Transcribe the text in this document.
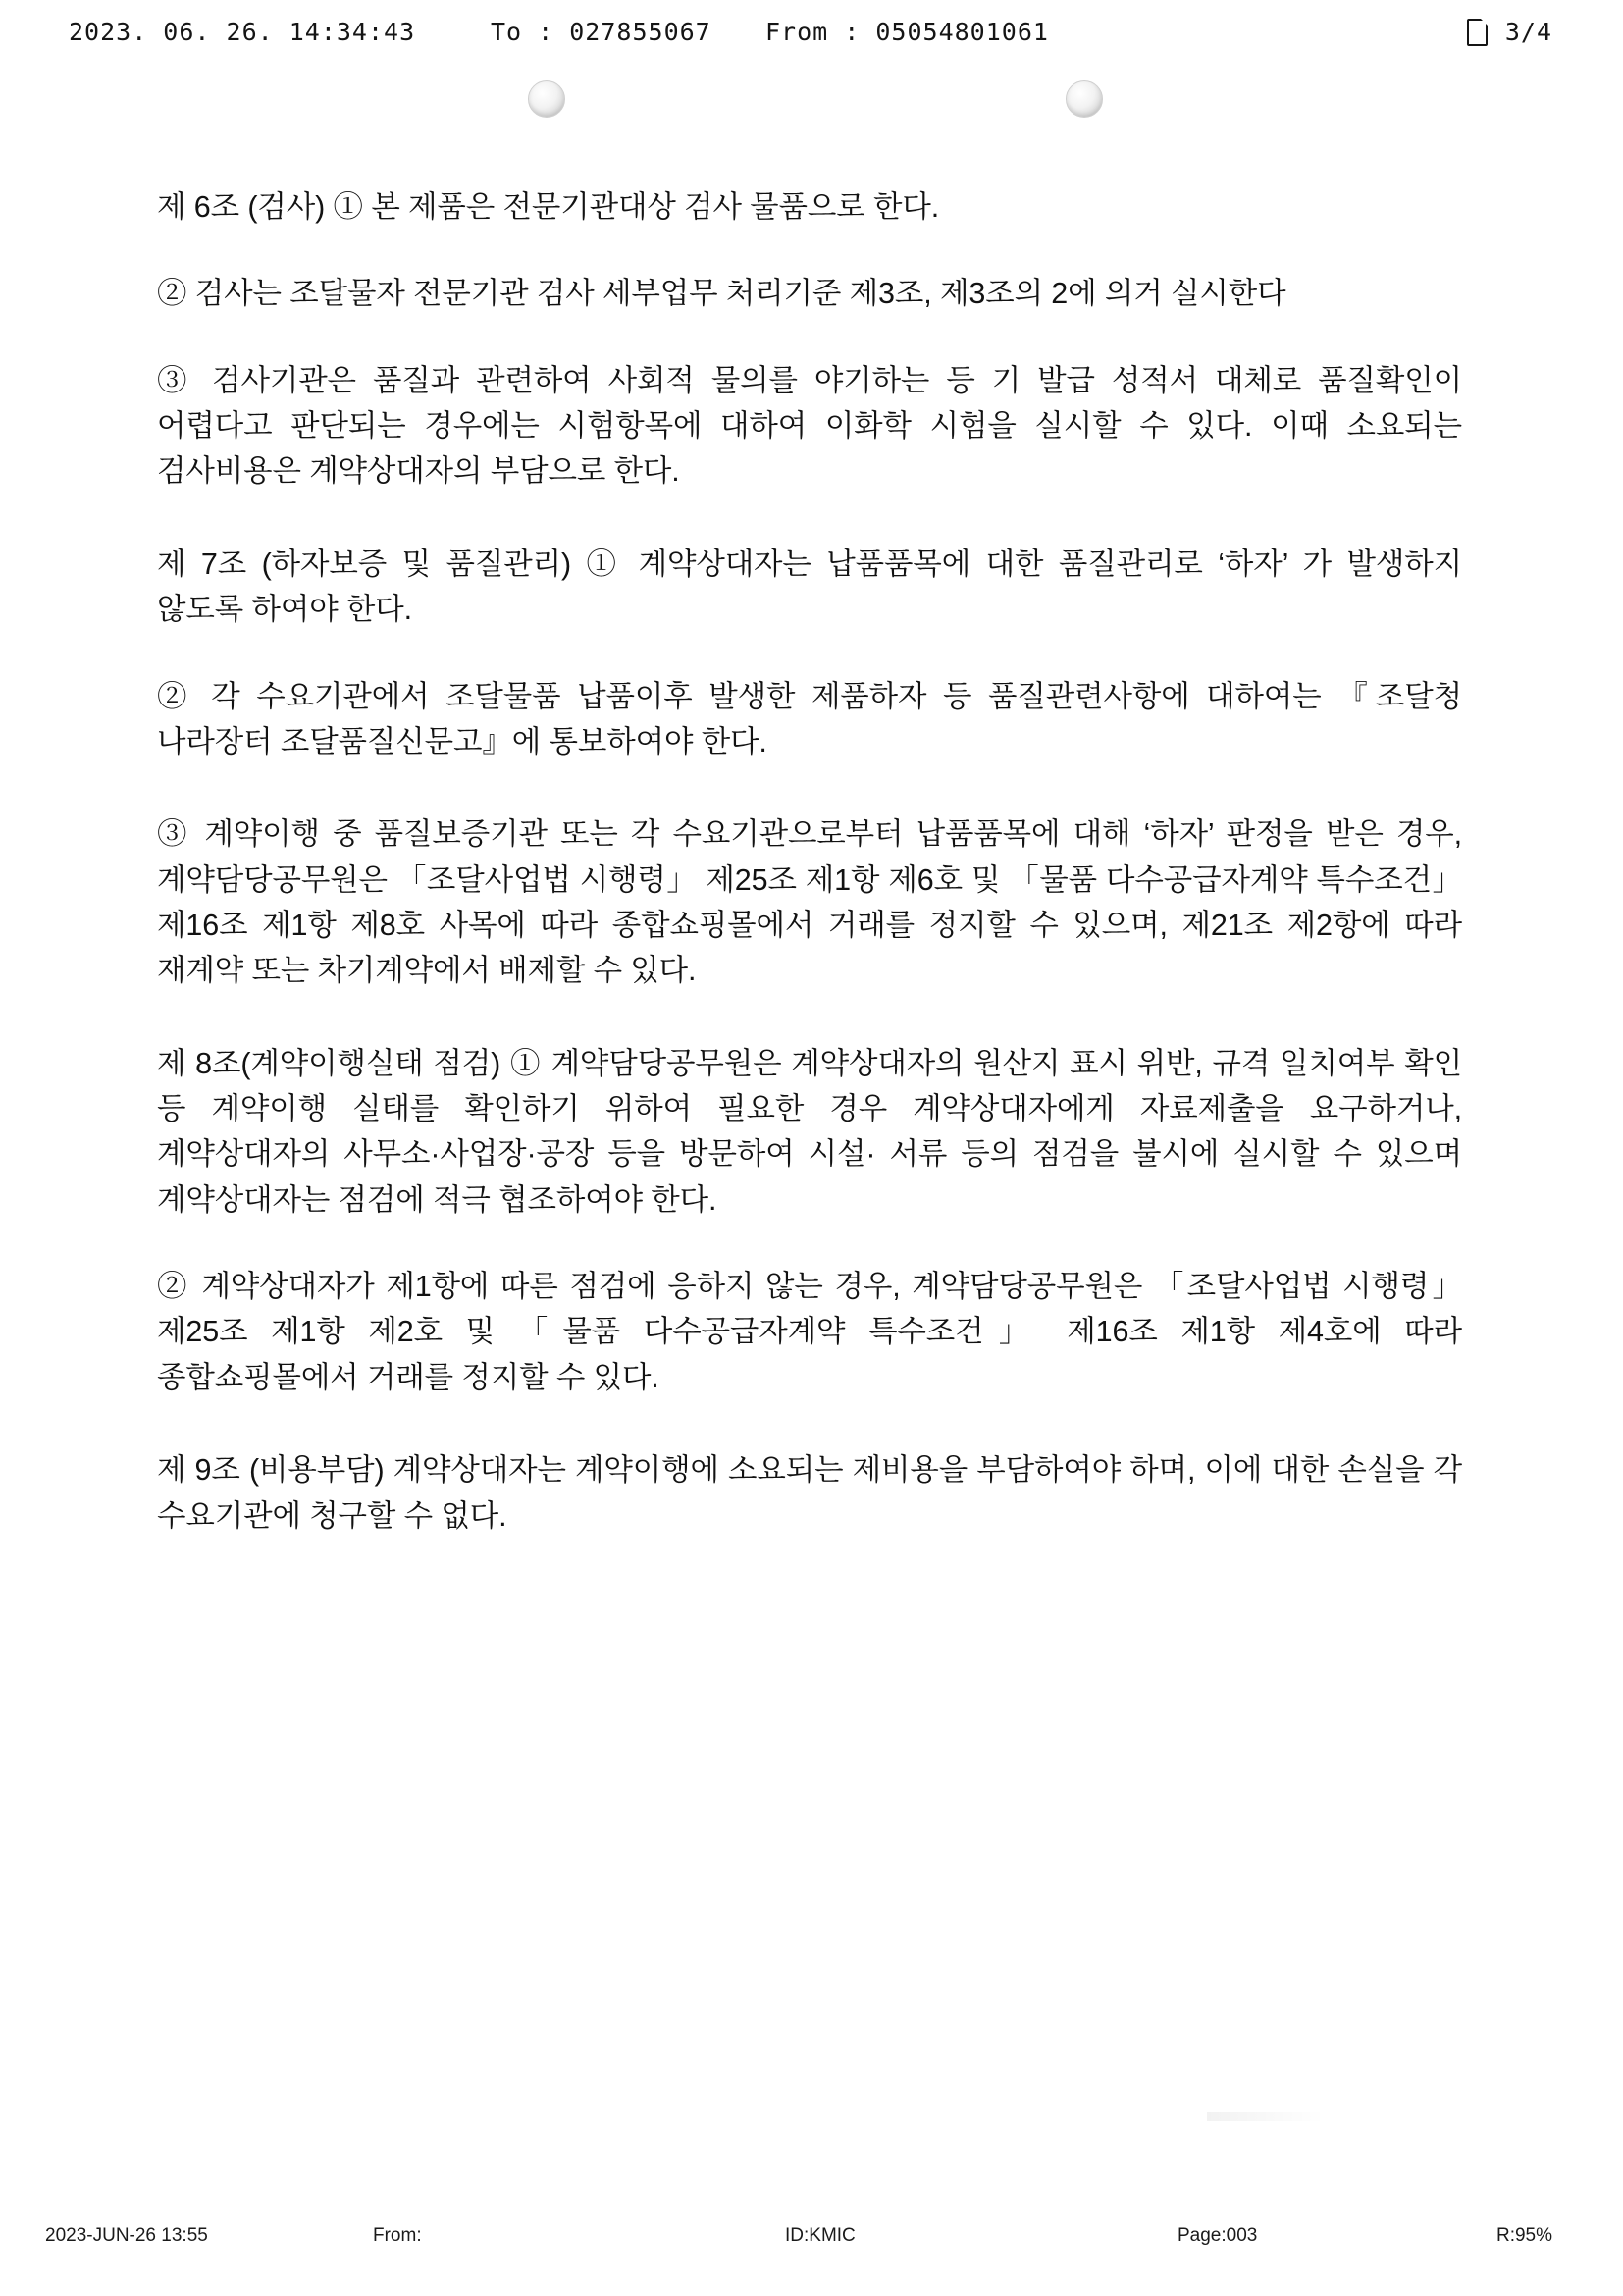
2023. 06. 26. 14:34:43	To : 027855067 From : 05054801061	3/4

제 6조 (검사) ① 본 제품은 전문기관대상 검사 물품으로 한다.

② 검사는 조달물자 전문기관 검사 세부업무 처리기준 제3조, 제3조의 2에 의거 실시한다

③ 검사기관은 품질과 관련하여 사회적 물의를 야기하는 등 기 발급 성적서 대체로 품질확인이 어렵다고 판단되는 경우에는 시험항목에 대하여 이화학 시험을 실시할 수 있다. 이때 소요되는 검사비용은 계약상대자의 부담으로 한다.

제 7조 (하자보증 및 품질관리) ① 계약상대자는 납품품목에 대한 품질관리로 ‘하자’ 가 발생하지 않도록 하여야 한다.

② 각 수요기관에서 조달물품 납품이후 발생한 제품하자 등 품질관련사항에 대하여는 『조달청 나라장터 조달품질신문고』에 통보하여야 한다.

③ 계약이행 중 품질보증기관 또는 각 수요기관으로부터 납품품목에 대해 ‘하자’ 판정을 받은 경우, 계약담당공무원은 「조달사업법 시행령」 제25조 제1항 제6호 및 「물품 다수공급자계약 특수조건」 제16조 제1항 제8호 사목에 따라 종합쇼핑몰에서 거래를 정지할 수 있으며, 제21조 제2항에 따라 재계약 또는 차기계약에서 배제할 수 있다.

제 8조(계약이행실태 점검) ① 계약담당공무원은 계약상대자의 원산지 표시 위반, 규격 일치여부 확인 등 계약이행 실태를 확인하기 위하여 필요한 경우 계약상대자에게 자료제출을 요구하거나, 계약상대자의 사무소·사업장·공장 등을 방문하여 시설· 서류 등의 점검을 불시에 실시할 수 있으며 계약상대자는 점검에 적극 협조하여야 한다.

② 계약상대자가 제1항에 따른 점검에 응하지 않는 경우, 계약담당공무원은 「조달사업법 시행령」 제25조 제1항 제2호 및 「물품 다수공급자계약 특수조건」 제16조 제1항 제4호에 따라 종합쇼핑몰에서 거래를 정지할 수 있다.

제 9조 (비용부담) 계약상대자는 계약이행에 소요되는 제비용을 부담하여야 하며, 이에 대한 손실을 각 수요기관에 청구할 수 없다.

2023-JUN-26 13:55	From:	ID:KMIC	Page:003	R:95%
